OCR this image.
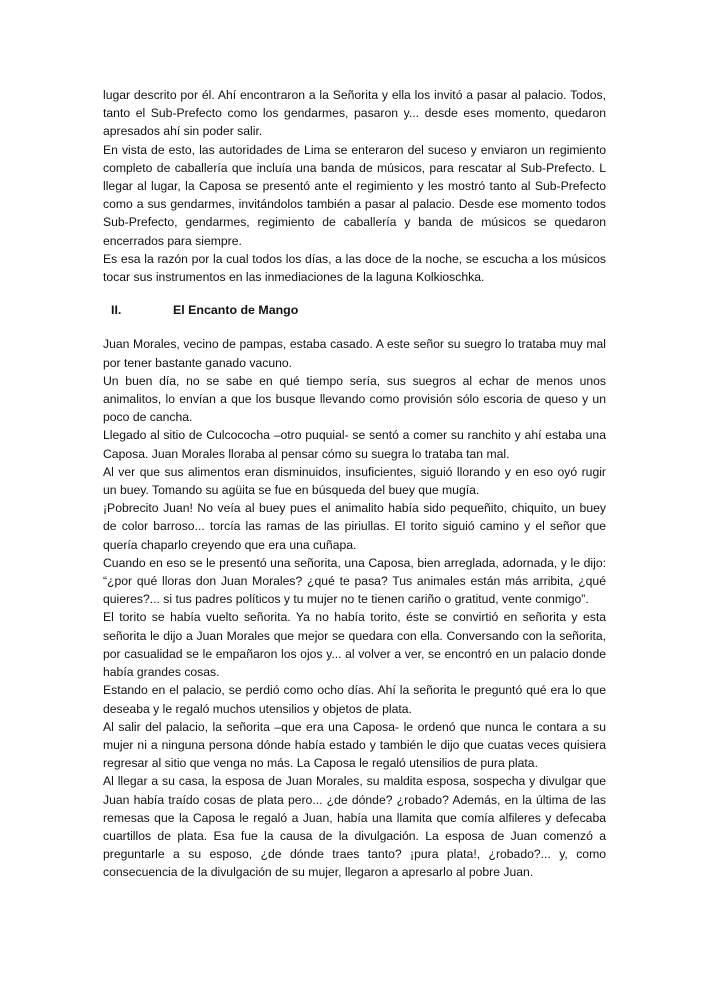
lugar descrito por él. Ahí encontraron a la Señorita y ella los invitó a pasar al palacio. Todos, tanto el Sub-Prefecto como los gendarmes, pasaron y... desde eses momento, quedaron apresados ahí sin poder salir.

En vista de esto, las autoridades de Lima se enteraron del suceso y enviaron un regimiento completo de caballería que incluía una banda de músicos, para rescatar al Sub-Prefecto. L llegar al lugar, la Caposa se presentó ante el regimiento y les mostró tanto al Sub-Prefecto como a sus gendarmes, invitándolos también a pasar al palacio. Desde ese momento todos Sub-Prefecto, gendarmes, regimiento de caballería y banda de músicos se quedaron encerrados para siempre.

Es esa la razón por la cual todos los días, a las doce de la noche, se escucha a los músicos tocar sus instrumentos en las inmediaciones de la laguna Kolkioschka.

II.	El Encanto de Mango

Juan Morales, vecino de pampas, estaba casado. A este señor su suegro lo trataba muy mal por tener bastante ganado vacuno.

Un buen día, no se sabe en qué tiempo sería, sus suegros al echar de menos unos animalitos, lo envían a que los busque llevando como provisión sólo escoria de queso y un poco de cancha.

Llegado al sitio de Culcococha –otro puquial- se sentó a comer su ranchito y ahí estaba una Caposa. Juan Morales lloraba al pensar cómo su suegra lo trataba tan mal.

Al ver que sus alimentos eran disminuidos, insuficientes, siguió llorando y en eso oyó rugir un buey. Tomando su agüita se fue en búsqueda del buey que mugía.

¡Pobrecito Juan! No veía al buey pues el animalito había sido pequeñito, chiquito, un buey de color barroso... torcía las ramas de las piriullas. El torito siguió camino y el señor que quería chaparlo creyendo que era una cuñapa.

Cuando en eso se le presentó una señorita, una Caposa, bien arreglada, adornada, y le dijo: “¿por qué lloras don Juan Morales? ¿qué te pasa? Tus animales están más arribita, ¿qué quieres?... si tus padres políticos y tu mujer no te tienen cariño o gratitud, vente conmigo”.

El torito se había vuelto señorita. Ya no había torito, éste se convirtió en señorita y esta señorita le dijo a Juan Morales que mejor se quedara con ella. Conversando con la señorita, por casualidad se le empañaron los ojos y... al volver a ver, se encontró en un palacio donde había grandes cosas.

Estando en el palacio, se perdió como ocho días. Ahí la señorita le preguntó qué era lo que deseaba y le regaló muchos utensilios y objetos de plata.

Al salir del palacio, la señorita –que era una Caposa- le ordenó que nunca le contara a su mujer ni a ninguna persona dónde había estado y también le dijo que cuatas veces quisiera regresar al sitio que venga no más. La Caposa le regaló utensilios de pura plata.

Al llegar a su casa, la esposa de Juan Morales, su maldita esposa, sospecha y divulgar que Juan había traído cosas de plata pero... ¿de dónde? ¿robado? Además, en la última de las remesas que la Caposa le regaló a Juan, había una llamita que comía alfileres y defecaba cuartillos de plata. Esa fue la causa de la divulgación. La esposa de Juan comenzó a preguntarle a su esposo, ¿de dónde traes tanto? ¡pura plata!, ¿robado?... y, como consecuencia de la divulgación de su mujer, llegaron a apresarlo al pobre Juan.
